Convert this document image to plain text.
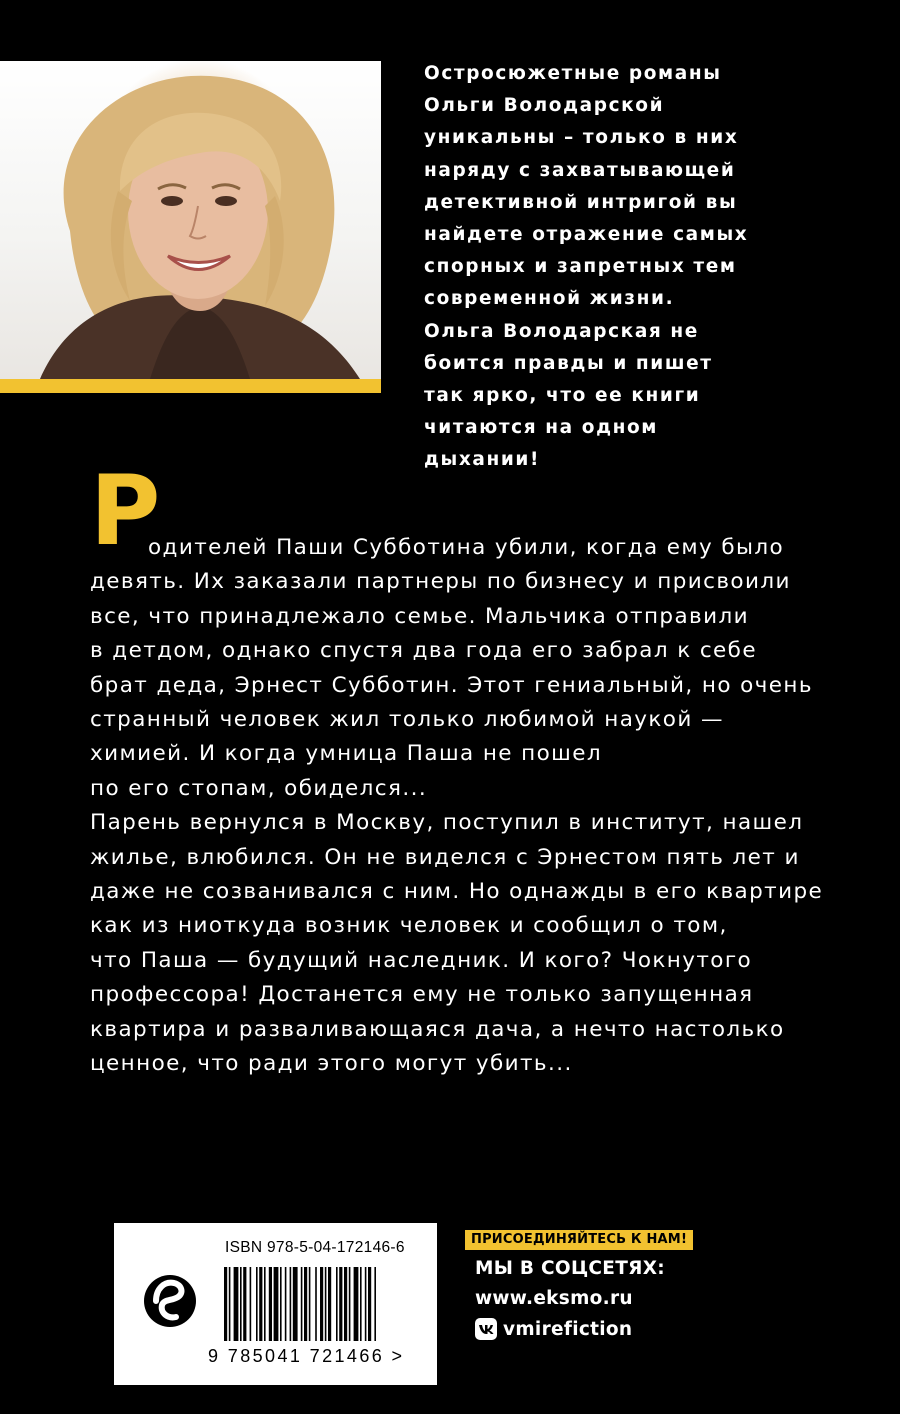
Остросюжетные романы
Ольги Володарской
уникальны – только в них
наряду с захватывающей
детективной интригой вы
найдете отражение самых
спорных и запретных тем
современной жизни.
Ольга Володарская не
боится правды и пишет
так ярко, что ее книги
читаются на одном
дыхании!
Р
одителей Паши Субботина убили, когда ему было
девять. Их заказали партнеры по бизнесу и присвоили
все, что принадлежало семье. Мальчика отправили
в детдом, однако спустя два года его забрал к себе
брат деда, Эрнест Субботин. Этот гениальный, но очень
странный человек жил только любимой наукой —
химией. И когда умница Паша не пошел
по его стопам, обиделся...
Парень вернулся в Москву, поступил в институт, нашел
жилье, влюбился. Он не виделся с Эрнестом пять лет и
даже не созванивался с ним. Но однажды в его квартире
как из ниоткуда возник человек и сообщил о том,
что Паша — будущий наследник. И кого? Чокнутого
профессора! Достанется ему не только запущенная
квартира и разваливающаяся дача, а нечто настолько
ценное, что ради этого могут убить...
ISBN 978-5-04-172146-6
9 785041 721466 >
ПРИСОЕДИНЯЙТЕСЬ К НАМ!
МЫ В СОЦСЕТЯХ:
www.eksmo.ru
vmirefiction
